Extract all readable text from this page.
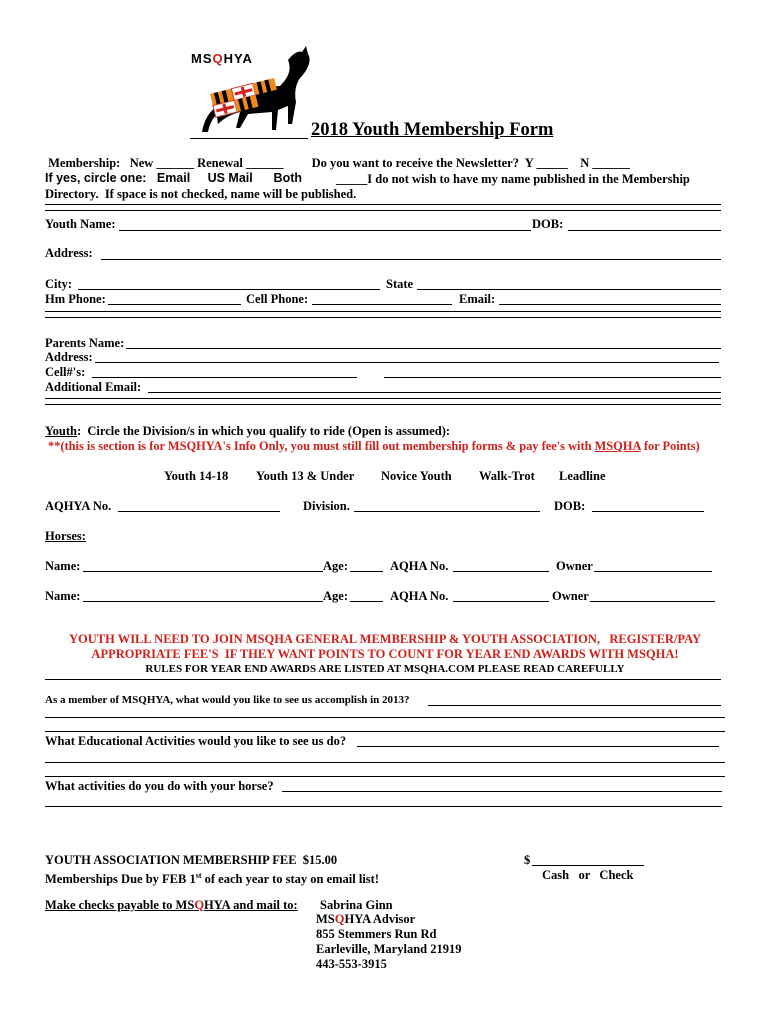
MSQHYA
2018 Youth Membership Form
Membership:   New ______ Renewal ______         Do you want to receive the Newsletter?  Y _____    N ______
If yes, circle one:   Email     US Mail      Both	_____I do not wish to have my name published in the Membership
Directory.  If space is not checked, name will be published.
Youth Name:	DOB:
Address:
City:	State
Hm Phone:	Cell Phone:	Email:
Parents Name:
Address:
Cell#'s:
Additional Email:
Youth:  Circle the Division/s in which you qualify to ride (Open is assumed):
**(this is section is for MSQHYA's Info Only, you must still fill out membership forms & pay fee's with MSQHA for Points)
Youth 14-18 Youth 13 & Under Novice Youth Walk-Trot Leadline
AQHYA No.	Division.	DOB:
Horses:
Name:	Age:	AQHA No.	Owner
Name:	Age:	AQHA No.	Owner
YOUTH WILL NEED TO JOIN MSQHA GENERAL MEMBERSHIP & YOUTH ASSOCIATION,   REGISTER/PAY
APPROPRIATE FEE'S  IF THEY WANT POINTS TO COUNT FOR YEAR END AWARDS WITH MSQHA!
RULES FOR YEAR END AWARDS ARE LISTED AT MSQHA.COM PLEASE READ CAREFULLY
As a member of MSQHYA, what would you like to see us accomplish in 2013?
What Educational Activities would you like to see us do?
What activities do you do with your horse?
YOUTH ASSOCIATION MEMBERSHIP FEE  $15.00	$
Memberships Due by FEB 1st of each year to stay on email list!	Cash   or   Check
Make checks payable to MSQHYA and mail to: Sabrina Ginn
MSQHYA Advisor
855 Stemmers Run Rd
Earleville, Maryland 21919
443-553-3915
